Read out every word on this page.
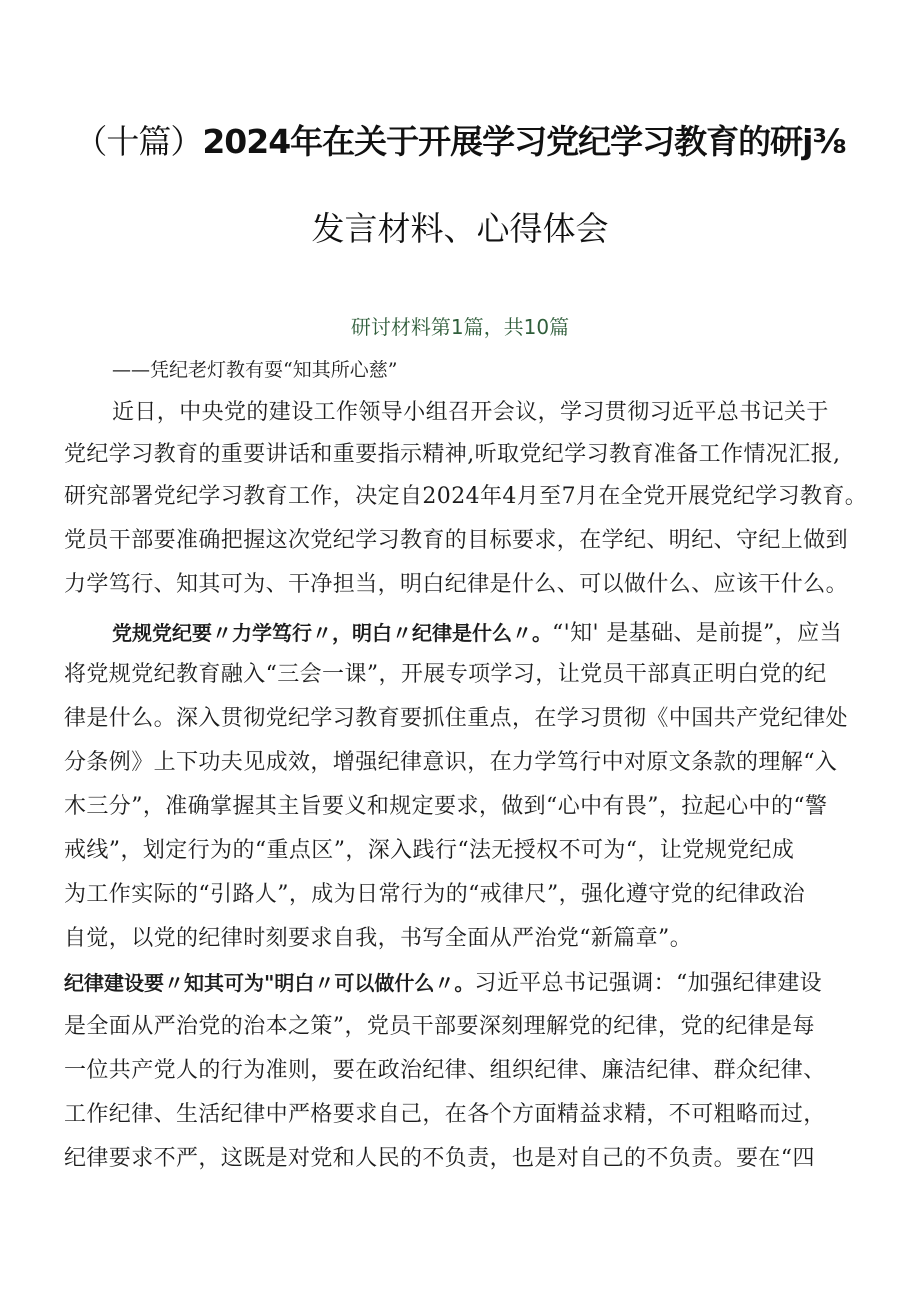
（十篇）2024年在关于开展学习党纪学习教育的研j⅜
发言材料、心得体会
研讨材料第1篇，共10篇
——凭纪老灯教有耍“知其所心慈”
近日，中央党的建设工作领导小组召开会议，学习贯彻习近平总书记关于
党纪学习教育的重要讲话和重要指示精神,听取党纪学习教育准备工作情况汇报,
研究部署党纪学习教育工作，决定自2024年4月至7月在全党开展党纪学习教育。
党员干部要准确把握这次党纪学习教育的目标要求，在学纪、明纪、守纪上做到
力学笃行、知其可为、干净担当，明白纪律是什么、可以做什么、应该干什么。
党规党纪要〃力学笃行〃，明白〃纪律是什么〃。“'知' 是基础、是前提”，应当
将党规党纪教育融入“三会一课”，开展专项学习，让党员干部真正明白党的纪
律是什么。深入贯彻党纪学习教育要抓住重点，在学习贯彻《中国共产党纪律处
分条例》上下功夫见成效，增强纪律意识，在力学笃行中对原文条款的理解“入
木三分”，准确掌握其主旨要义和规定要求，做到“心中有畏”，拉起心中的“警
戒线”，划定行为的“重点区”，深入践行“法无授权不可为“，让党规党纪成
为工作实际的“引路人”，成为日常行为的“戒律尺”，强化遵守党的纪律政治
自觉，以党的纪律时刻要求自我，书写全面从严治党“新篇章”。
纪律建设要〃知其可为"明白〃可以做什么〃。习近平总书记强调：“加强纪律建设
是全面从严治党的治本之策”，党员干部要深刻理解党的纪律，党的纪律是每
一位共产党人的行为准则，要在政治纪律、组织纪律、廉洁纪律、群众纪律、
工作纪律、生活纪律中严格要求自己，在各个方面精益求精，不可粗略而过，
纪律要求不严，这既是对党和人民的不负责，也是对自己的不负责。要在“四
